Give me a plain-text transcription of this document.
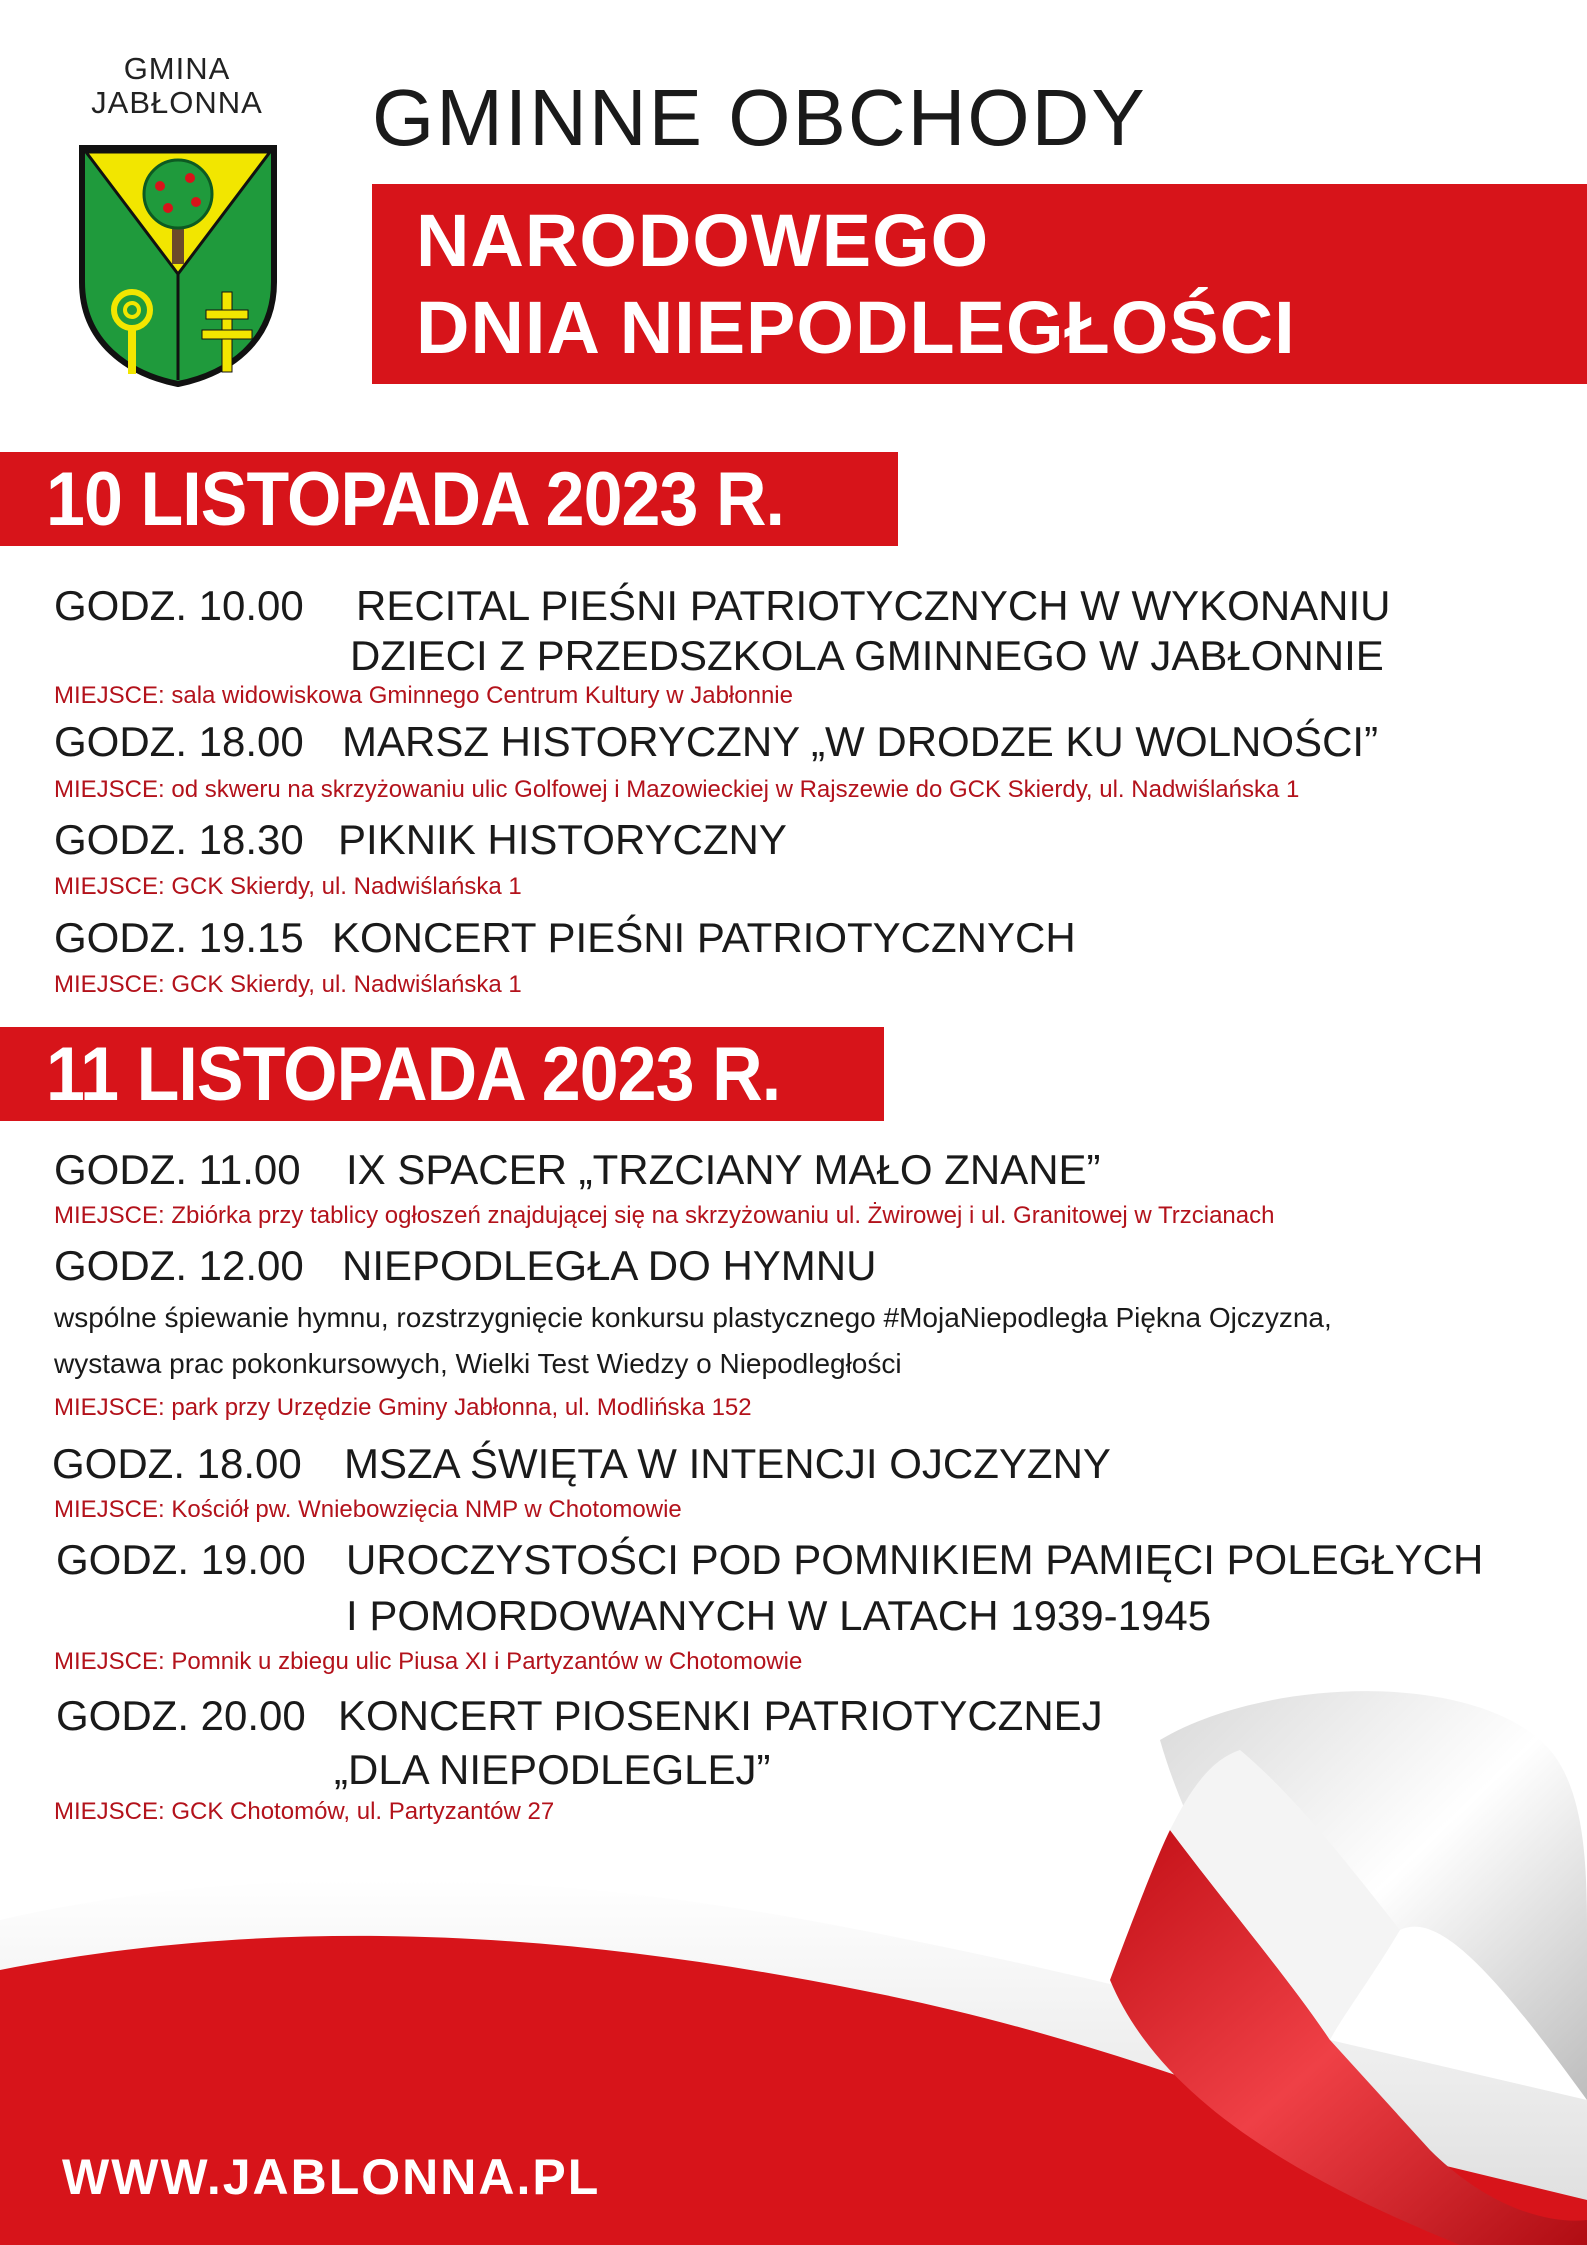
GMINA
JABŁONNA	GMINNE OBCHODY
NARODOWEGO
DNIA NIEPODLEGŁOŚCI
10 LISTOPADA 2023 R.
GODZ. 10.00 RECITAL PIEŚNI PATRIOTYCZNYCH W WYKONANIU
DZIECI Z PRZEDSZKOLA GMINNEGO W JABŁONNIE
MIEJSCE: sala widowiskowa Gminnego Centrum Kultury w Jabłonnie
GODZ. 18.00 MARSZ HISTORYCZNY „W DRODZE KU WOLNOŚCI”
MIEJSCE: od skweru na skrzyżowaniu ulic Golfowej i Mazowieckiej w Rajszewie do GCK Skierdy, ul. Nadwiślańska 1
GODZ. 18.30 PIKNIK HISTORYCZNY
MIEJSCE: GCK Skierdy, ul. Nadwiślańska 1
GODZ. 19.15 KONCERT PIEŚNI PATRIOTYCZNYCH
MIEJSCE: GCK Skierdy, ul. Nadwiślańska 1
11 LISTOPADA 2023 R.
GODZ. 11.00 IX SPACER „TRZCIANY MAŁO ZNANE”
MIEJSCE: Zbiórka przy tablicy ogłoszeń znajdującej się na skrzyżowaniu ul. Żwirowej i ul. Granitowej w Trzcianach
GODZ. 12.00 NIEPODLEGŁA DO HYMNU
wspólne śpiewanie hymnu, rozstrzygnięcie konkursu plastycznego #MojaNiepodległa Piękna Ojczyzna,
wystawa prac pokonkursowych, Wielki Test Wiedzy o Niepodległości
MIEJSCE: park przy Urzędzie Gminy Jabłonna, ul. Modlińska 152
GODZ. 18.00 MSZA ŚWIĘTA W INTENCJI OJCZYZNY
MIEJSCE: Kościół pw. Wniebowzięcia NMP w Chotomowie
GODZ. 19.00 UROCZYSTOŚCI POD POMNIKIEM PAMIĘCI POLEGŁYCH
I POMORDOWANYCH W LATACH 1939-1945
MIEJSCE: Pomnik u zbiegu ulic Piusa XI i Partyzantów w Chotomowie
GODZ. 20.00 KONCERT PIOSENKI PATRIOTYCZNEJ
„DLA NIEPODLEGLEJ”
MIEJSCE: GCK Chotomów, ul. Partyzantów 27
WWW.JABLONNA.PL
